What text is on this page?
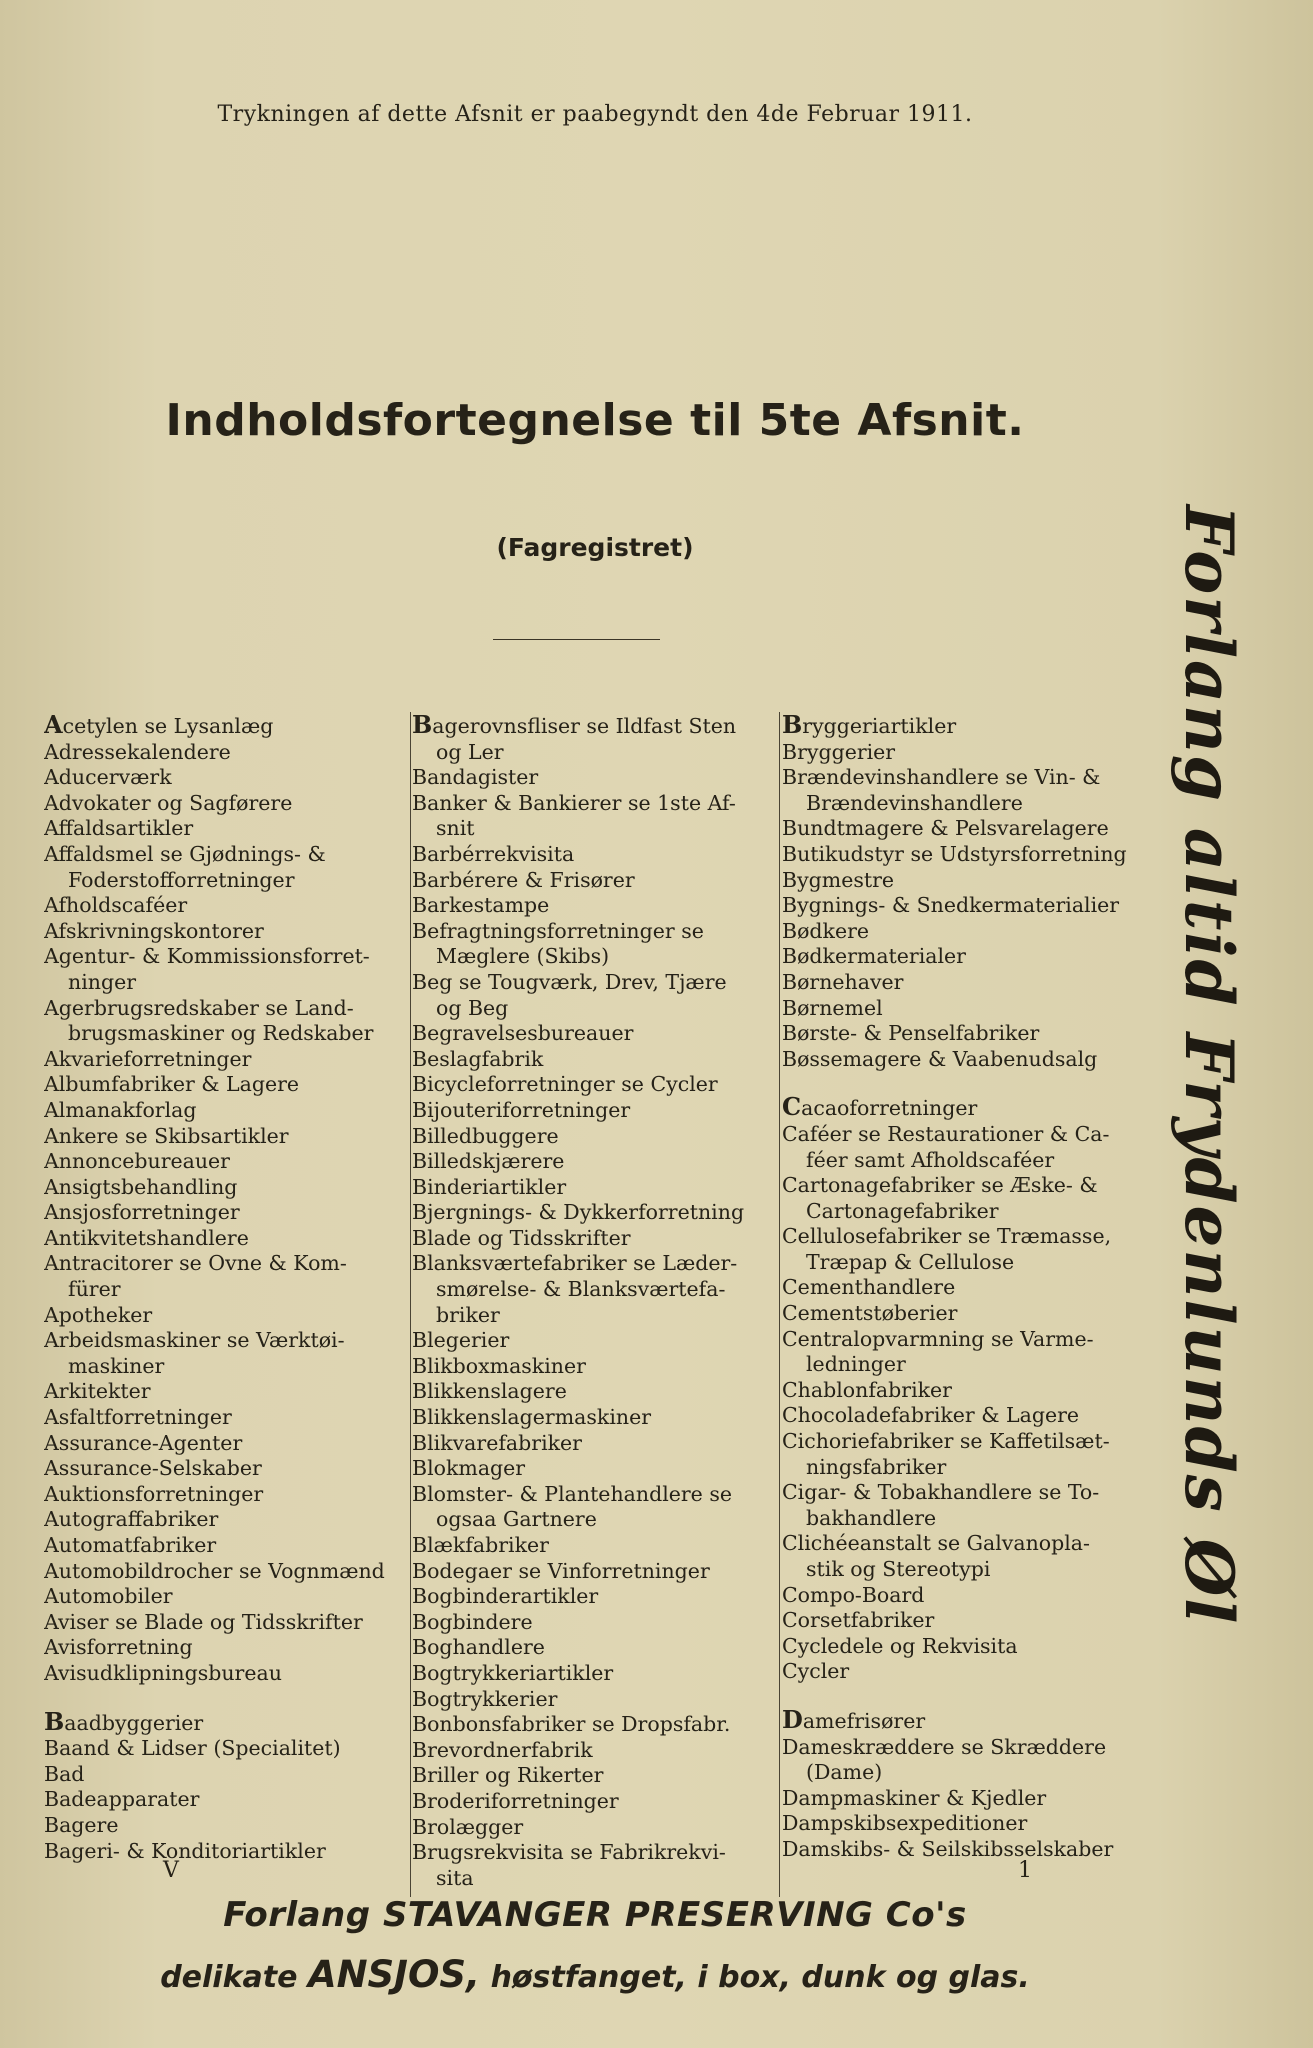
Trykningen af dette Afsnit er paabegyndt den 4de Februar 1911.
Indholdsfortegnelse til 5te Afsnit.
(Fagregistret)
Acetylen se Lysanlæg
Adressekalendere
Aducerværk
Advokater og Sagførere
Affaldsartikler
Affaldsmel se Gjødnings- &
Foderstofforretninger
Afholdscaféer
Afskrivningskontorer
Agentur- & Kommissionsforret-
ninger
Agerbrugsredskaber se Land-
brugsmaskiner og Redskaber
Akvarieforretninger
Albumfabriker & Lagere
Almanakforlag
Ankere se Skibsartikler
Annoncebureauer
Ansigtsbehandling
Ansjosforretninger
Antikvitetshandlere
Antracitorer se Ovne & Kom-
fürer
Apotheker
Arbeidsmaskiner se Værktøi-
maskiner
Arkitekter
Asfaltforretninger
Assurance-Agenter
Assurance-Selskaber
Auktionsforretninger
Autograffabriker
Automatfabriker
Automobildrocher se Vognmænd
Automobiler
Aviser se Blade og Tidsskrifter
Avisforretning
Avisudklipningsbureau
Baadbyggerier
Baand & Lidser (Specialitet)
Bad
Badeapparater
Bagere
Bageri- & Konditoriartikler
Bagerovnsfliser se Ildfast Sten
og Ler
Bandagister
Banker & Bankierer se 1ste Af-
snit
Barbérrekvisita
Barbérere & Frisører
Barkestampe
Befragtningsforretninger se
Mæglere (Skibs)
Beg se Tougværk, Drev, Tjære
og Beg
Begravelsesbureauer
Beslagfabrik
Bicycleforretninger se Cycler
Bijouteriforretninger
Billedbuggere
Billedskjærere
Binderiartikler
Bjergnings- & Dykkerforretning
Blade og Tidsskrifter
Blanksværtefabriker se Læder-
smørelse- & Blanksværtefa-
briker
Blegerier
Blikboxmaskiner
Blikkenslagere
Blikkenslagermaskiner
Blikvarefabriker
Blokmager
Blomster- & Plantehandlere se
ogsaa Gartnere
Blækfabriker
Bodegaer se Vinforretninger
Bogbinderartikler
Bogbindere
Boghandlere
Bogtrykkeriartikler
Bogtrykkerier
Bonbonsfabriker se Dropsfabr.
Brevordnerfabrik
Briller og Rikerter
Broderiforretninger
Brolægger
Brugsrekvisita se Fabrikrekvi-
sita
Bryggeriartikler
Bryggerier
Brændevinshandlere se Vin- &
Brændevinshandlere
Bundtmagere & Pelsvarelagere
Butikudstyr se Udstyrsforretning
Bygmestre
Bygnings- & Snedkermaterialier
Bødkere
Bødkermaterialer
Børnehaver
Børnemel
Børste- & Penselfabriker
Bøssemagere & Vaabenudsalg
Cacaoforretninger
Caféer se Restaurationer & Ca-
féer samt Afholdscaféer
Cartonagefabriker se Æske- &
Cartonagefabriker
Cellulosefabriker se Træmasse,
Træpap & Cellulose
Cementhandlere
Cementstøberier
Centralopvarmning se Varme-
ledninger
Chablonfabriker
Chocoladefabriker & Lagere
Cichoriefabriker se Kaffetilsæt-
ningsfabriker
Cigar- & Tobakhandlere se To-
bakhandlere
Clichéeanstalt se Galvanopla-
stik og Stereotypi
Compo-Board
Corsetfabriker
Cycledele og Rekvisita
Cycler
Damefrisører
Dameskræddere se Skræddere
(Dame)
Dampmaskiner & Kjedler
Dampskibsexpeditioner
Damskibs- & Seilskibsselskaber
V	1
Forlang STAVANGER PRESERVING Co's
delikate ANSJOS, høstfanget, i box, dunk og glas.
Forlang altid Frydenlunds Øl
